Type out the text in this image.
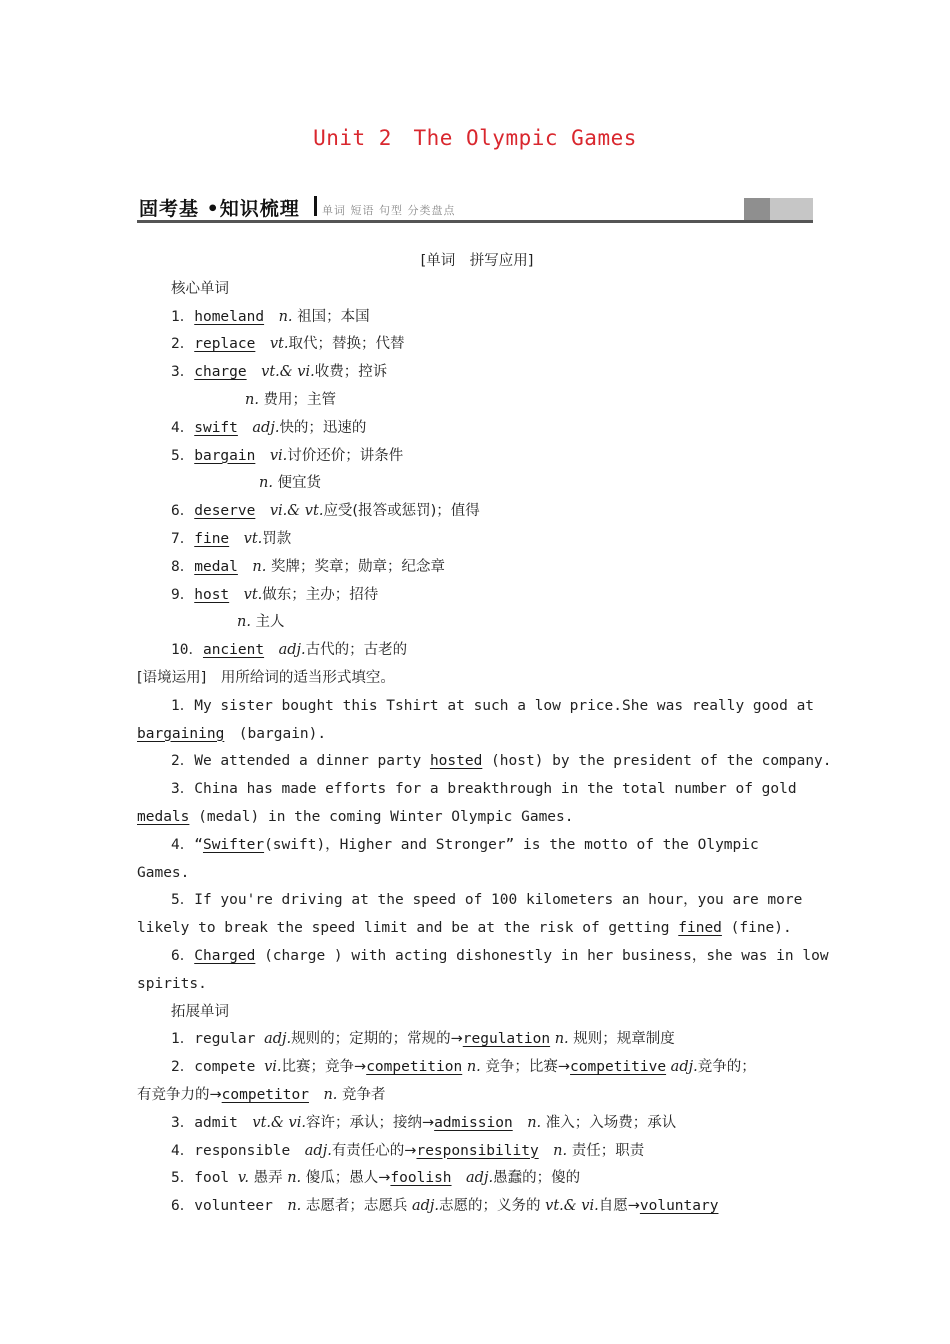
Unit 2　The Olympic Games
固考基 •知识梳理 单词 短语 句型 分类盘点
[单词　拼写应用]
核心单词
1．homeland　 n. 祖国；本国
2．replace　 vt.取代；替换；代替
3．charge　 vt.& vi.收费；控诉
n. 费用；主管
4．swift　 adj.快的；迅速的
5．bargain　 vi.讨价还价；讲条件
n. 便宜货
6．deserve　 vi.& vt.应受(报答或惩罚)；值得
7．fine　 vt.罚款
8．medal　 n. 奖牌；奖章；勋章；纪念章
9．host　 vt.做东；主办；招待
n. 主人
10．ancient　 adj.古代的；古老的
[语境运用]　用所给词的适当形式填空。
1．My sister bought this Tshirt at such a low price.She was really good at
bargaining　(bargain).
2．We attended a dinner party hosted (host) by the president of the company.
3．China has made efforts for a breakthrough in the total number of gold
medals (medal) in the coming Winter Olympic Games.
4．“Swifter(swift)，Higher and Stronger” is the motto of the Olympic
Games.
5．If you're driving at the speed of 100 kilometers an hour，you are more
likely to break the speed limit and be at the risk of getting fined (fine).
6．Charged (charge ) with acting dishonestly in her business，she was in low
spirits.
拓展单词
1．regular adj.规则的；定期的；常规的→regulation n. 规则；规章制度
2．compete vi.比赛；竞争→competition n. 竞争；比赛→competitive adj.竞争的；
有竞争力的→competitor　n. 竞争者
3．admit　vt.& vi.容许；承认；接纳→admission　n. 准入；入场费；承认
4．responsible　adj.有责任心的→responsibility　n. 责任；职责
5．fool v. 愚弄 n. 傻瓜；愚人→foolish　adj.愚蠢的；傻的
6．volunteer　n. 志愿者；志愿兵 adj.志愿的；义务的 vt.& vi.自愿→voluntary
